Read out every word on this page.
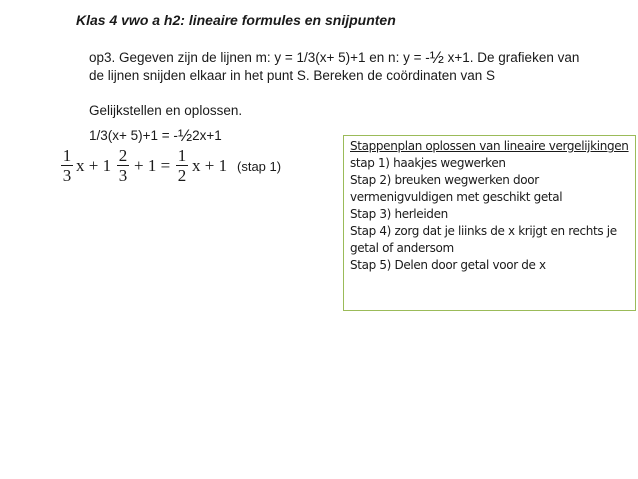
Klas 4 vwo a h2: lineaire formules en snijpunten
op3. Gegeven zijn de lijnen m: y = 1/3(x+ 5)+1 en n: y = -½ x+1. De grafieken van
de lijnen snijden elkaar in het punt S. Bereken de coördinaten van S
Gelijkstellen en oplossen.
1/3(x+ 5)+1 = -½2x+1
1
3
x + 1
2
3
+ 1 =
1
2
x + 1 (stap 1)
Stappenplan oplossen van lineaire vergelijkingen
stap 1) haakjes wegwerken
Stap 2) breuken wegwerken door
vermenigvuldigen met geschikt getal
Stap 3) herleiden
Stap 4) zorg dat je liinks de x krijgt en rechts je
getal of andersom
Stap 5) Delen door getal voor de x
